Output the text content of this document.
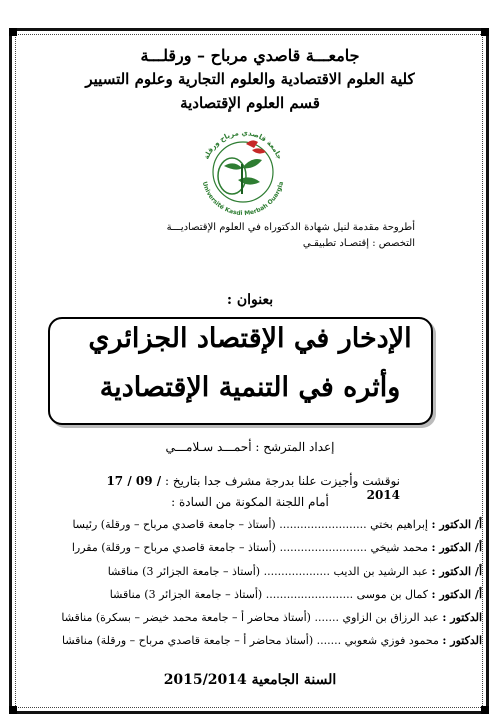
جامعـــة قاصدي مرباح – ورقلـــة
كلية العلوم الاقتصادية والعلوم التجارية وعلوم التسيير
قسم العلوم الإقتصادية
جامعة قاصدي مرباح ورقلة
Université Kasdi Merbah Ouargla
أطروحة مقدمة لنيل شهادة الدكتوراه في العلوم الإقتصاديـــة
التخصص : إقتصـاد تطبيقـي
بعنوان :
الإدخار في الإقتصاد الجزائري
وأثره في التنمية الإقتصادية
إعداد المترشح : أحمـــد سـلامـــي
نوقشت وأجيزت علنا بدرجة مشرف جدا بتاريخ : 17 / 09 / 2014
أمام اللجنة المكونة من السادة :
أ/ الدكتور : إبراهيم بختي ......................... (أستاذ – جامعة قاصدي مرباح – ورقلة) رئيسا
أ/ الدكتور : محمد شيخي ......................... (أستاذ – جامعة قاصدي مرباح – ورقلة) مقررا
أ/ الدكتور : عبد الرشيد بن الديب ................... (أستاذ – جامعة الجزائر 3) مناقشا
أ/ الدكتور : كمال بن موسى ......................... (أستاذ – جامعة الجزائر 3) مناقشا
الدكتور : عبد الرزاق بن الزاوي ....... (أستاذ محاضر أ – جامعة محمد خيضر – بسكرة) مناقشا
الدكتور : محمود فوزي شعوبي ....... (أستاذ محاضر أ – جامعة قاصدي مرباح – ورقلة) مناقشا
السنة الجامعية 2015/2014
